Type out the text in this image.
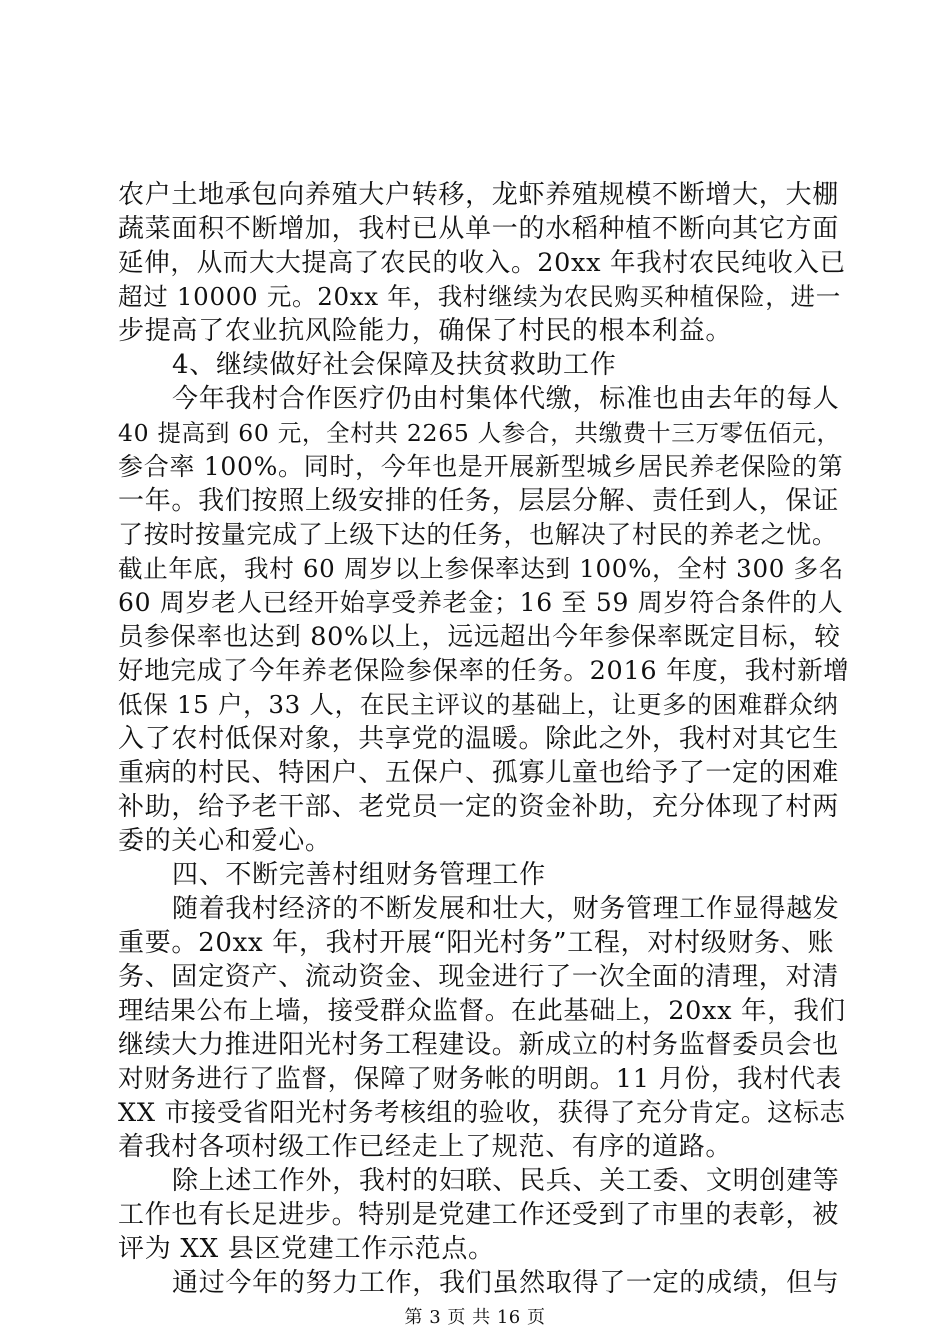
农户土地承包向养殖大户转移，龙虾养殖规模不断增大，大棚
蔬菜面积不断增加，我村已从单一的水稻种植不断向其它方面
延伸，从而大大提高了农民的收入。20xx 年我村农民纯收入已
超过 10000 元。20xx 年，我村继续为农民购买种植保险，进一
步提高了农业抗风险能力，确保了村民的根本利益。
4、继续做好社会保障及扶贫救助工作
今年我村合作医疗仍由村集体代缴，标准也由去年的每人
40 提高到 60 元，全村共 2265 人参合，共缴费十三万零伍佰元，
参合率 100%。同时，今年也是开展新型城乡居民养老保险的第
一年。我们按照上级安排的任务，层层分解、责任到人，保证
了按时按量完成了上级下达的任务，也解决了村民的养老之忧。
截止年底，我村 60 周岁以上参保率达到 100%，全村 300 多名
60 周岁老人已经开始享受养老金；16 至 59 周岁符合条件的人
员参保率也达到 80%以上，远远超出今年参保率既定目标，较
好地完成了今年养老保险参保率的任务。2016 年度，我村新增
低保 15 户，33 人，在民主评议的基础上，让更多的困难群众纳
入了农村低保对象，共享党的温暖。除此之外，我村对其它生
重病的村民、特困户、五保户、孤寡儿童也给予了一定的困难
补助，给予老干部、老党员一定的资金补助，充分体现了村两
委的关心和爱心。
四、不断完善村组财务管理工作
随着我村经济的不断发展和壮大，财务管理工作显得越发
重要。20xx 年，我村开展“阳光村务”工程，对村级财务、账
务、固定资产、流动资金、现金进行了一次全面的清理，对清
理结果公布上墙，接受群众监督。在此基础上，20xx 年，我们
继续大力推进阳光村务工程建设。新成立的村务监督委员会也
对财务进行了监督，保障了财务帐的明朗。11 月份，我村代表
XX 市接受省阳光村务考核组的验收，获得了充分肯定。这标志
着我村各项村级工作已经走上了规范、有序的道路。
除上述工作外，我村的妇联、民兵、关工委、文明创建等
工作也有长足进步。特别是党建工作还受到了市里的表彰，被
评为 XX 县区党建工作示范点。
通过今年的努力工作，我们虽然取得了一定的成绩，但与
第 3 页 共 16 页
